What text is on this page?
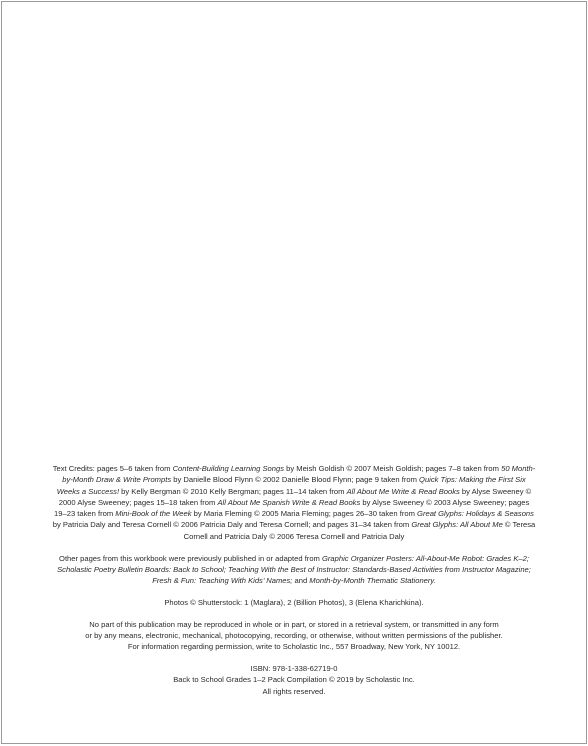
Text Credits: pages 5–6 taken from Content-Building Learning Songs by Meish Goldish © 2007 Meish Goldish; pages 7–8 taken from 50 Month-by-Month Draw & Write Prompts by Danielle Blood Flynn © 2002 Danielle Blood Flynn; page 9 taken from Quick Tips: Making the First Six Weeks a Success! by Kelly Bergman © 2010 Kelly Bergman; pages 11–14 taken from All About Me Write & Read Books by Alyse Sweeney © 2000 Alyse Sweeney; pages 15–18 taken from All About Me Spanish Write & Read Books by Alyse Sweeney © 2003 Alyse Sweeney; pages 19–23 taken from Mini-Book of the Week by Maria Fleming © 2005 Maria Fleming; pages 26–30 taken from Great Glyphs: Holidays & Seasons by Patricia Daly and Teresa Cornell © 2006 Patricia Daly and Teresa Cornell; and pages 31–34 taken from Great Glyphs: All About Me © Teresa Cornell and Patricia Daly © 2006 Teresa Cornell and Patricia Daly

Other pages from this workbook were previously published in or adapted from Graphic Organizer Posters: All-About-Me Robot: Grades K–2; Scholastic Poetry Bulletin Boards: Back to School; Teaching With the Best of Instructor: Standards-Based Activities from Instructor Magazine; Fresh & Fun: Teaching With Kids’ Names; and Month-by-Month Thematic Stationery.

Photos © Shutterstock: 1 (Maglara), 2 (Billion Photos), 3 (Elena Kharichkina).

No part of this publication may be reproduced in whole or in part, or stored in a retrieval system, or transmitted in any form
or by any means, electronic, mechanical, photocopying, recording, or otherwise, without written permissions of the publisher.
For information regarding permission, write to Scholastic Inc., 557 Broadway, New York, NY 10012.

ISBN: 978-1-338-62719-0

Back to School Grades 1–2 Pack Compilation © 2019 by Scholastic Inc.

All rights reserved.
